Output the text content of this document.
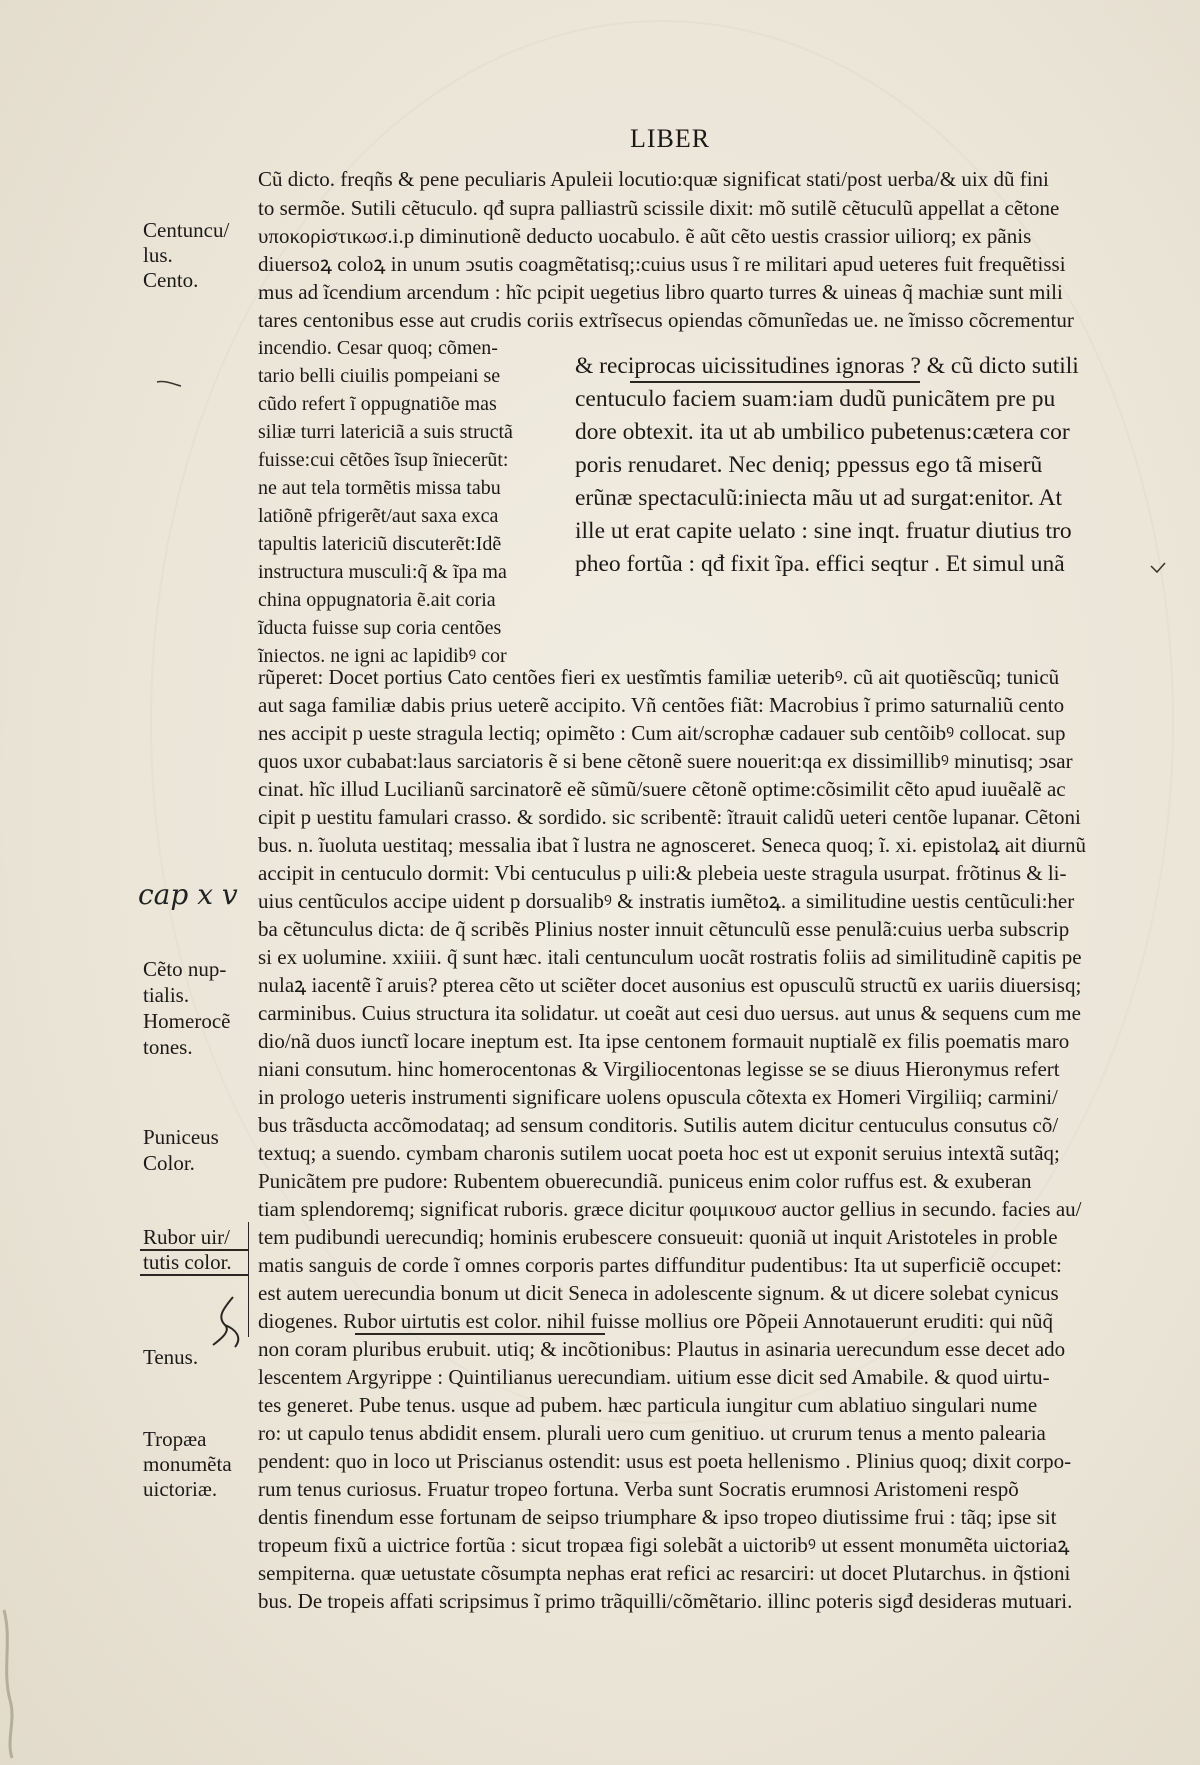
LIBER
Cũ dicto. freqñs & pene peculiaris Apuleii locutio:quæ significat stati/post uerba/& uix dũ fini
to sermõe. Sutili cẽtuculo. qđ supra palliastrũ scissile dixit: mõ sutilẽ cẽtuculũ appellat a cẽtone
υπoκορiστικωσ.i.p diminutionẽ deducto uocabulo. ẽ aũt cẽto uestis crassior uiliorq; ex pãnis
diuersoꝝ coloꝝ in unum ↄsutis coagmẽtatisq;:cuius usus ĩ re militari apud ueteres fuit frequẽtissi
mus ad ĩcendium arcendum : hĩc pcipit uegetius libro quarto turres & uineas q̃ machiæ sunt mili
tares centonibus esse aut crudis coriis extrĩsecus opiendas cõmunĩedas ue. ne ĩmisso cõcrementur
incendio. Cesar quoq; cõmen-
tario belli ciuilis pompeiani se
cũdo refert ĩ oppugnatiõe mas
siliæ turri latericiã a suis structã
fuisse:cui cẽtões ĩsup ĩniecerũt:
ne aut tela tormẽtis missa tabu
latiõnẽ pfrigerẽt/aut saxa exca
tapultis latericiũ discuterẽt:Idẽ
instructura musculi:q̃ & ĩpa ma
china oppugnatoria ẽ.ait coria
ĩducta fuisse sup coria centões
ĩniectos. ne igni ac lapidibꝰ cor
& reciprocas uicissitudines ignoras ? & cũ dicto sutili
centuculo faciem suam:iam dudũ punicãtem pre pu
dore obtexit. ita ut ab umbilico pubetenus:cætera cor
poris renudaret. Nec deniq; ppessus ego tã miserũ
erũnæ spectaculũ:iniecta mãu ut ad surgat:enitor. At
ille ut erat capite uelato : sine inqt. fruatur diutius tro
pheo fortũa : qđ fixit ĩpa. effici seqtur . Et simul unã
rũperet: Docet portius Cato centões fieri ex uestĩmtis familiæ ueteribꝰ. cũ ait quotiẽscũq; tunicũ
aut saga familiæ dabis prius ueterẽ accipito. Vñ centões fiãt: Macrobius ĩ primo saturnaliũ cento
nes accipit p ueste stragula lectiq; opimẽto : Cum ait/scrophæ cadauer sub centõibꝰ collocat. sup
quos uxor cubabat:laus sarciatoris ẽ si bene cẽtonẽ suere nouerit:qa ex dissimillibꝰ minutisq; ↄsar
cinat. hĩc illud Lucilianũ sarcinatorẽ eẽ sũmũ/suere cẽtonẽ optime:cõsimilit cẽto apud iuuẽalẽ ac
cipit p uestitu famulari crasso. & sordido. sic scribentẽ: ĩtrauit calidũ ueteri centõe lupanar. Cẽtoni
bus. n. ĩuoluta uestitaq; messalia ibat ĩ lustra ne agnosceret. Seneca quoq; ĩ. xi. epistolaꝝ ait diurnũ
accipit in centuculo dormit: Vbi centuculus p uili:& plebeia ueste stragula usurpat. frõtinus & li-
uius centũculos accipe uident p dorsualibꝰ & instratis iumẽtoꝝ. a similitudine uestis centũculi:her
ba cẽtunculus dicta: de q̃ scribẽs Plinius noster innuit cẽtunculũ esse penulã:cuius uerba subscrip
si ex uolumine. xxiiii. q̃ sunt hæc. itali centunculum uocãt rostratis foliis ad similitudinẽ capitis pe
nulaꝝ iacentẽ ĩ aruis? pterea cẽto ut sciẽter docet ausonius est opusculũ structũ ex uariis diuersisq;
carminibus. Cuius structura ita solidatur. ut coeãt aut cesi duo uersus. aut unus & sequens cum me
dio/nã duos iunctĩ locare ineptum est. Ita ipse centonem formauit nuptialẽ ex filis poematis maro
niani consutum. hinc homerocentonas & Virgiliocentonas legisse se se diuus Hieronymus refert
in prologo ueteris instrumenti significare uolens opuscula cõtexta ex Homeri Virgiliiq; carmini/
bus trãsducta accõmodataq; ad sensum conditoris. Sutilis autem dicitur centuculus consutus cõ/
textuq; a suendo. cymbam charonis sutilem uocat poeta hoc est ut exponit seruius intextã sutãq;
Punicãtem pre pudore: Rubentem obuerecundiã. puniceus enim color ruffus est. & exuberan
tiam splendoremq; significat ruboris. græce dicitur φοιμικουσ auctor gellius in secundo. facies au/
tem pudibundi uerecundiq; hominis erubescere consueuit: quoniã ut inquit Aristoteles in proble
matis sanguis de corde ĩ omnes corporis partes diffunditur pudentibus: Ita ut superficiẽ occupet:
est autem uerecundia bonum ut dicit Seneca in adolescente signum. & ut dicere solebat cynicus
diogenes. Rubor uirtutis est color. nihil fuisse mollius ore Põpeii Annotauerunt eruditi: qui nũq̃
non coram pluribus erubuit. utiq; & incõtionibus: Plautus in asinaria uerecundum esse decet ado
lescentem Argyrippe : Quintilianus uerecundiam. uitium esse dicit sed Amabile. & quod uirtu-
tes generet. Pube tenus. usque ad pubem. hæc particula iungitur cum ablatiuo singulari nume
ro: ut capulo tenus abdidit ensem. plurali uero cum genitiuo. ut crurum tenus a mento palearia
pendent: quo in loco ut Priscianus ostendit: usus est poeta hellenismo . Plinius quoq; dixit corpo-
rum tenus curiosus. Fruatur tropeo fortuna. Verba sunt Socratis erumnosi Aristomeni respõ
dentis finendum esse fortunam de seipso triumphare & ipso tropeo diutissime frui : tãq; ipse sit
tropeum fixũ a uictrice fortũa : sicut tropæa figi solebãt a uictoribꝰ ut essent monumẽta uictoriaꝝ
sempiterna. quæ uetustate cõsumpta nephas erat refici ac resarciri: ut docet Plutarchus. in q̃stioni
bus. De tropeis affati scripsimus ĩ primo trãquilli/cõmẽtario. illinc poteris sigđ desideras mutuari.
Centuncu/
lus.
Cento.
Cẽto nup-
tialis.
Homerocẽ
tones.
Puniceus
Color.
Rubor uir/
tutis color.
Tenus.
Tropæa
monumẽta
uictoriæ.
cap x v
